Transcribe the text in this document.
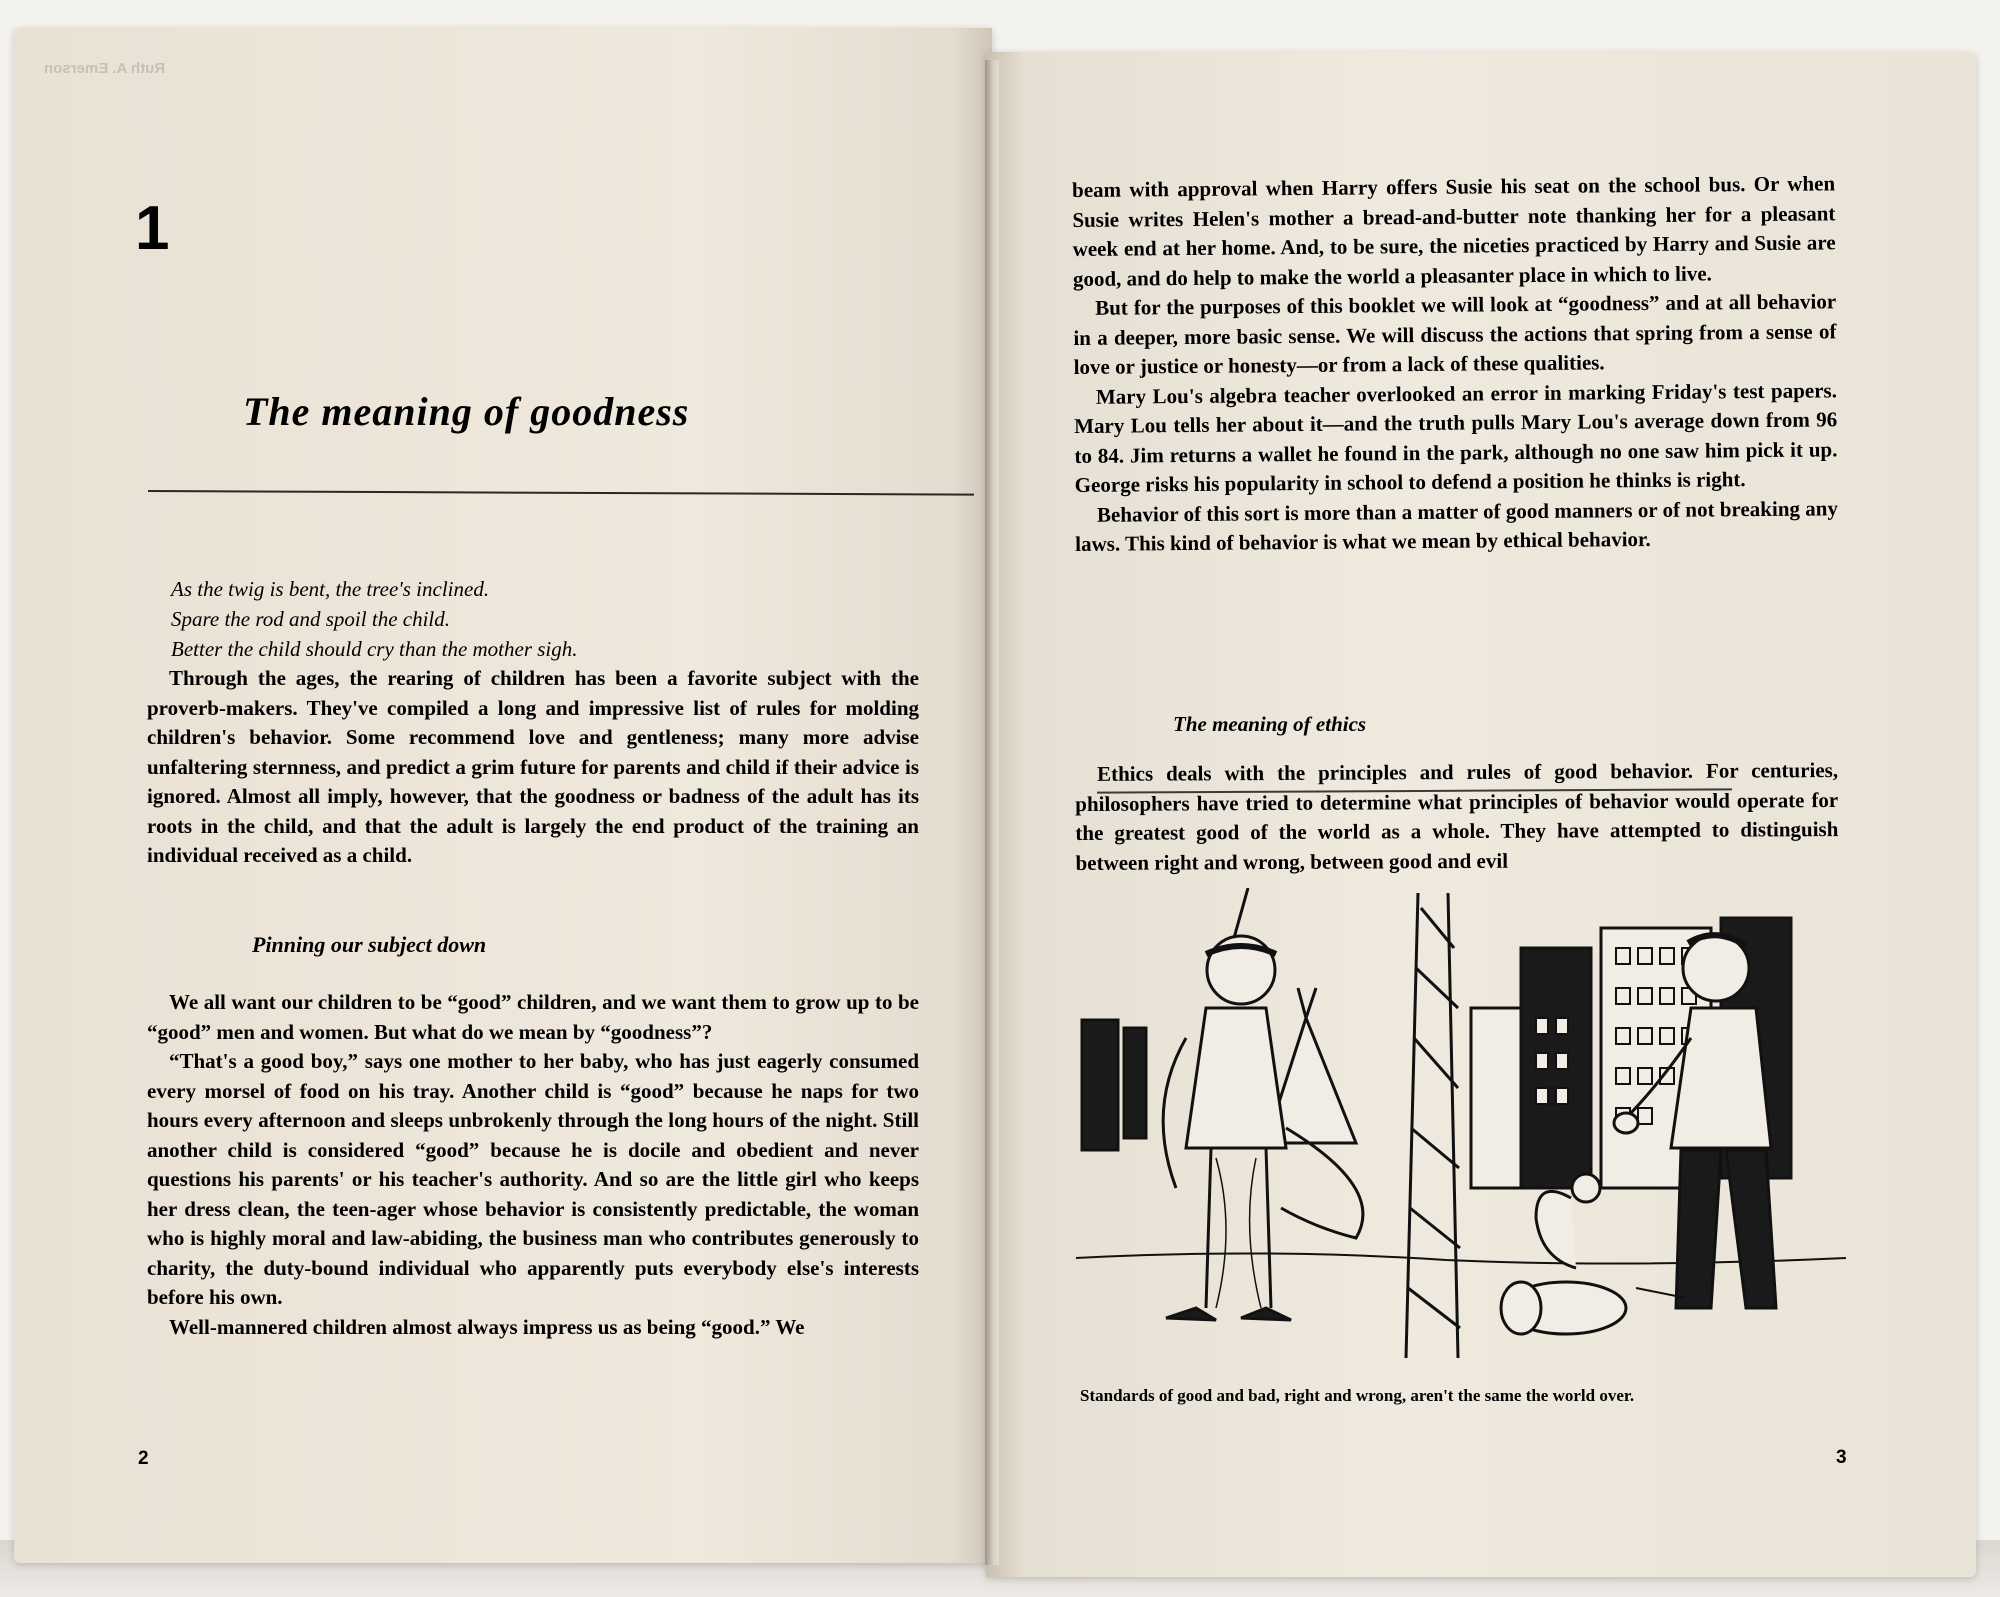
Ruth A. Emerson
1
The meaning of goodness
As the twig is bent, the tree's inclined.
Spare the rod and spoil the child.
Better the child should cry than the mother sigh.

Through the ages, the rearing of children has been a favorite subject with the proverb-makers. They've compiled a long and impressive list of rules for molding children's behavior. Some recommend love and gentleness; many more advise unfaltering sternness, and predict a grim future for parents and child if their advice is ignored. Almost all imply, however, that the goodness or badness of the adult has its roots in the child, and that the adult is largely the end product of the training an individual received as a child.

Pinning our subject down

We all want our children to be “good” children, and we want them to grow up to be “good” men and women. But what do we mean by “goodness”?

“That's a good boy,” says one mother to her baby, who has just eagerly consumed every morsel of food on his tray. Another child is “good” because he naps for two hours every afternoon and sleeps unbrokenly through the long hours of the night. Still another child is considered “good” because he is docile and obedient and never questions his parents' or his teacher's authority. And so are the little girl who keeps her dress clean, the teen-ager whose behavior is consistently predictable, the woman who is highly moral and law-abiding, the business man who contributes generously to charity, the duty-bound individual who apparently puts everybody else's interests before his own.

Well-mannered children almost always impress us as being “good.” We

2

beam with approval when Harry offers Susie his seat on the school bus. Or when Susie writes Helen's mother a bread-and-butter note thanking her for a pleasant week end at her home. And, to be sure, the niceties practiced by Harry and Susie are good, and do help to make the world a pleasanter place in which to live.

But for the purposes of this booklet we will look at “goodness” and at all behavior in a deeper, more basic sense. We will discuss the actions that spring from a sense of love or justice or honesty—or from a lack of these qualities.

Mary Lou's algebra teacher overlooked an error in marking Friday's test papers. Mary Lou tells her about it—and the truth pulls Mary Lou's average down from 96 to 84. Jim returns a wallet he found in the park, although no one saw him pick it up. George risks his popularity in school to defend a position he thinks is right.

Behavior of this sort is more than a matter of good manners or of not breaking any laws. This kind of behavior is what we mean by ethical behavior.

The meaning of ethics

Ethics deals with the principles and rules of good behavior. For centuries, philosophers have tried to determine what principles of behavior would operate for the greatest good of the world as a whole. They have attempted to distinguish between right and wrong, between good and evil

Standards of good and bad, right and wrong, aren't the same the world over.
3
